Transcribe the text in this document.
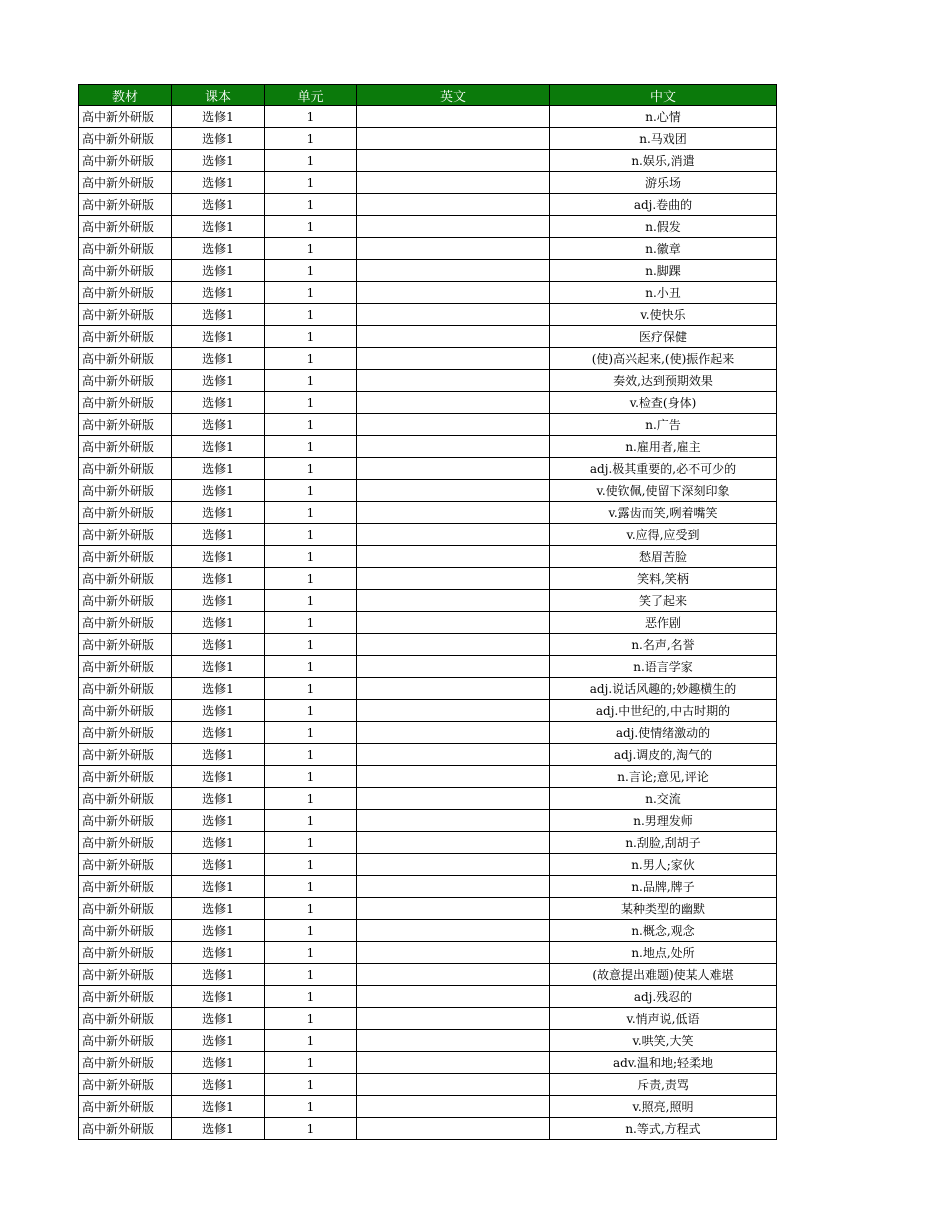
教材	课本	单元	英文	中文
高中新外研版	选修1	1		n.心情
高中新外研版	选修1	1		n.马戏团
高中新外研版	选修1	1		n.娱乐,消遣
高中新外研版	选修1	1		游乐场
高中新外研版	选修1	1		adj.卷曲的
高中新外研版	选修1	1		n.假发
高中新外研版	选修1	1		n.徽章
高中新外研版	选修1	1		n.脚踝
高中新外研版	选修1	1		n.小丑
高中新外研版	选修1	1		v.使快乐
高中新外研版	选修1	1		医疗保健
高中新外研版	选修1	1		(使)高兴起来,(使)振作起来
高中新外研版	选修1	1		奏效,达到预期效果
高中新外研版	选修1	1		v.检查(身体)
高中新外研版	选修1	1		n.广告
高中新外研版	选修1	1		n.雇用者,雇主
高中新外研版	选修1	1		adj.极其重要的,必不可少的
高中新外研版	选修1	1		v.使钦佩,使留下深刻印象
高中新外研版	选修1	1		v.露齿而笑,咧着嘴笑
高中新外研版	选修1	1		v.应得,应受到
高中新外研版	选修1	1		愁眉苦脸
高中新外研版	选修1	1		笑料,笑柄
高中新外研版	选修1	1		笑了起来
高中新外研版	选修1	1		恶作剧
高中新外研版	选修1	1		n.名声,名誉
高中新外研版	选修1	1		n.语言学家
高中新外研版	选修1	1		adj.说话风趣的;妙趣横生的
高中新外研版	选修1	1		adj.中世纪的,中古时期的
高中新外研版	选修1	1		adj.使情绪激动的
高中新外研版	选修1	1		adj.调皮的,淘气的
高中新外研版	选修1	1		n.言论;意见,评论
高中新外研版	选修1	1		n.交流
高中新外研版	选修1	1		n.男理发师
高中新外研版	选修1	1		n.刮脸,刮胡子
高中新外研版	选修1	1		n.男人;家伙
高中新外研版	选修1	1		n.品牌,牌子
高中新外研版	选修1	1		某种类型的幽默
高中新外研版	选修1	1		n.概念,观念
高中新外研版	选修1	1		n.地点,处所
高中新外研版	选修1	1		(故意提出难题)使某人难堪
高中新外研版	选修1	1		adj.残忍的
高中新外研版	选修1	1		v.悄声说,低语
高中新外研版	选修1	1		v.哄笑,大笑
高中新外研版	选修1	1		adv.温和地;轻柔地
高中新外研版	选修1	1		斥责,责骂
高中新外研版	选修1	1		v.照亮,照明
高中新外研版	选修1	1		n.等式,方程式
